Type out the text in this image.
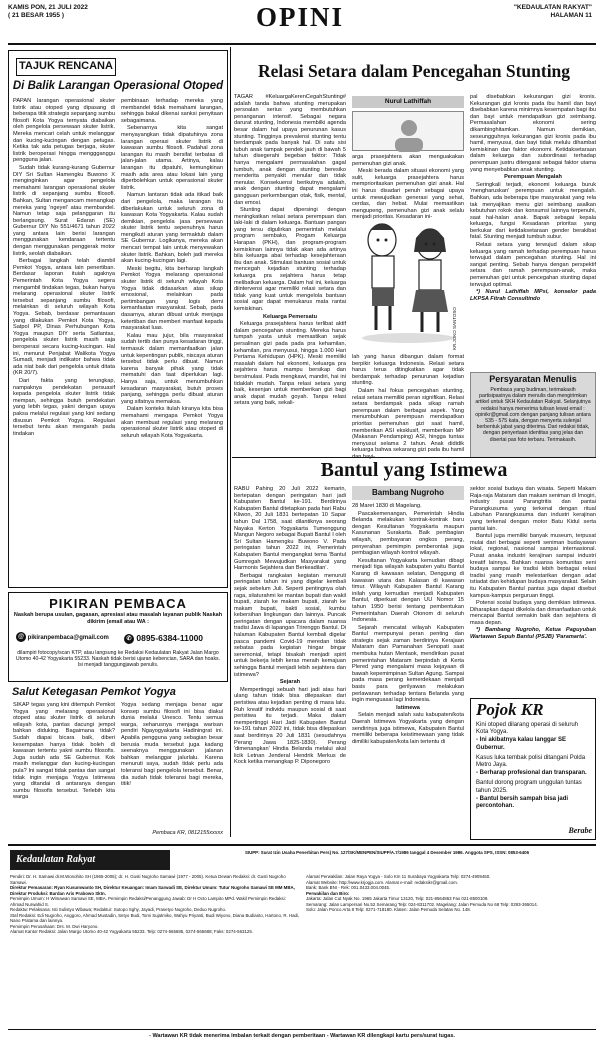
KAMIS PON, 21 JULI 2022
( 21 BESAR 1955 )	OPINI	"KEDAULATAN RAKYAT"
HALAMAN 11
TAJUK RENCANA
Di Balik Larangan Operasional Otoped

PAPAN larangan operasional skuter listrik atau otoped yang dipasang di beberapa titik strategis sepanjang sumbu filosofi Kota Yogya ternyata diabaikan oleh pengelola persewaan skuter listrik. Mereka mencari celah untuk melanggar dan kucing-kucingan dengan petugas. Ketika tak ada petugas berjaga, skuter listrik beroperasi hingga menggganggu pengguna jalan.

Sudah tidak kurang-kurang Gubernur DIY Sri Sultan Hamengku Buwono X menginginkan agar pengelola memahami larangan operasional skuter listrik di sepanjang sumbu filosofi. Bahkan, Sultan mengancam menangkap mereka yang 'ngeyel' atau membandel. Namun tetap saja pelanggaran itu berlangsung. Surat Edaran (SE) Gubernur DIY No 551/4671 tahun 2022 yang antara lain berisi larangan menggunakan kendaraan tertentu dengan menggunakan penggerak motor listrik, seolah diabaikan.

Berbagai langkah telah diambil Pemkot Yogya, antara lain penertiban. Berdasar laporan ituiah agaknya Pemerintah Kota Yogya segera mengambil tindakan tegas, bukan hanya melarang operasional skuter listrik tersebut sepanjang sumbu filosofi, melainkan di seluruh wilayah Kota Yogya. Sebab, berdasar pemantauan yang dilakukan Pemkot Kota Yogya, Satpol PP, Dinas Perhubungan Kota Yogya maupun DIY serta Satlantas, pengelola skuter listrik masih saja beroperasi secara kucing-kucingan. Hal ini, menurut Penjabat Walikota Yogya Sumadi, menjadi indikator bahwa tidak ada niat baik dari pengelola untuk ditata (KR 20/7).

Dari fakta yang terungkap, nampaknya pendekatan persuasif kepada pengelola skuter listrik tidak mempan, sehingga butuh pendekatan yang lebih tegas, yakni dengan upaya paksa melalui regulasi yang kini sedang disusun Pemkot Yogya. Regulasi tersebut tentu akan mengarah pada tindakan

pembinaan terhadap mereka yang membandel tidak memahami larangan, sehingga bakal dikenai sanksi penyitaan sebagaimana.

Sebenarnya kita sangat menyayangkan tidak dipatuhinya zona larangan operasi skuter listrik di kawasan sumbu filosofi. Padahal zona larangan itu masih bersifat terbatas di jalan-jalan utama. Artinya, kalau larangan itu dipatuhi, kemungkinan masih ada area atau lokasi lain yang diperbolehkan untuk operasional skuter listrik.

Namun lantaran tidak ada itikad baik dari pengelola, maka larangan itu diberlakukan untuk seluruh zona di kawasan Kota Yogyakarta. Kalau sudah demikian, pengelola jasa persewaan skuter listrik tentu sepenuhnya harus mengikuti aturan yang termaktub dalam SE Gubernur. Logikanya, mereka akan mencari tempat lain untuk menyewakan skuter listrik. Bahkan, boleh jadi mereka akan kucing-kucingan lagi.

Meski begitu, kita berharap langkah Pemkot Yogya melarang operasional skuter listrik di seluruh wilayah Kota Yogya tidak didasarkan atas sikap emosional, melainkan pada pertimbangan yang logis demi kemanfaatan masyarakat. Sebab, pada dasarnya, aturan dibuat untuk menjaga ketertiban dan memberi manfaat kepada masyarakat luas.

Kalau mau jujur, bila masyarakat sudah tertib dan punya kesadaran tinggi, termasuk dalam memanfaatkan jalan untuk kepentingan publik, niscaya aturan tersebut tidak perlu dibuat. Namun karena banyak pihak yang tidak mematuhi dan taat diperlukan lagi. Hanya saja, untuk menumbuhkan kesadaran masyarakat, butuh proses panjang, sehingga perlu dibuat aturan yang sifatnya memaksa.

Dalam konteks itulah kiranya kita bisa memahami mengapa Pemkot Yogya akan membuat regulasi yang melarang operasional skuter listrik atau otoped di seluruh wilayah Kota Yogyakarta.

PIKIRAN PEMBACA
Naskah berupa usulan, gagasan, apresiasi atau masalah layanan publik Naskah dikirim (email atau WA :
@ pikiranpembaca@gmail.com	✆ 0895-6384-11000
dilampiri fotocopy/scan KTP, atau langsung ke Redaksi Kedaulatan Rakyat Jalan Margo Utomo 40-42 Yogyakarta 55233. Naskah tidak berisi ujaran kebencian, SARA dan hoaks. Isi menjadi tanggungjawab penulis.
Salut Ketegasan Pemkot Yogya
SIKAP tegas yang kini ditempuh Pemkot Yogya yang melarang operasional otoped atau skuter listrik di seluruh wilayah kota, pantas dacungi jempol bahkan diduking. Bagaimana tidak? Sudah diapai bicara baik, diberi kesempatan hanya tidak boleh di kawasan tertentu yakni sumbu filosofis. Juga sudah ada SE Gubernur. Kok masih melanggar dan kucing-kucingan pula? Ini sangat tidak pantas dan sangat tidak ingin menjaga Yogya Istimewa yang ditandai di antaranya dengan sumbu filosofis tersebut. Terlebih kita warga
Yogya sedang menjaga benar agar konsep sumbu filosofi ini bisa diakui dunia melalui Unesco. Tentu semua warga, seharusnya menjaga warisan pendiri Ngayogyakarta Hadiningrat ini. Apabila pengguna yang sebagian besar berusia muda tersebut juga kadang seenaknya menggunakan jalanan bahkan melanggar jalurlalu. Karena menuruti saya, sudah tidak perlu ada toleransi bagi pengelola tersebut. Benar, dia sudah tidak toleransi bagi mereka, titik!
Pembaca KR, 0812155xxxxx
Relasi Setara dalam Pencegahan Stunting

TAGAR #KeluargaKerenCegahStunting# adalah tanda bahwa stunting merupakan persoalan serius yang membutuhkan penanganan intensif. Sebagai negara darurat stunting, Indonesia membilki agenda besar dalam hal upaya penurunan kasus stunting. Tingginya prevalensi stunting tentu berdampak pada banyak hal. Di satu sisi tubuh anak tampak pendek jauh di bawah 5 tahun disegerahi begeban faktor: Tidak hanya mengalami permasalahan gagal tumbuh, anak dengan stunting beresiko menderita penyakit menular dan tidak menular. Konsekuensi berikutnya adalah, anak dengan stunting dapat mengalami gangguan perkembangan otak, fisik, mental, dan emosi.

Stunting dapat dipersingi dengan meningkatkan relasi setara perempuan dan laki-laki di dalam keluarga. Bantuan pangan yang tersu digulirkan pemerintah melalui program sembako, Progam Keluarga Harapan (PKH), dan program-program kemiskinan lainnya tidak akan ada artinya bila keluarga abai terhadap kesejahteraan ibu dan anak. Stimulasi bantuan sosial untuk mencegah kejadian stunting terhadap keluarga pra sejahtera harus tetap melibatkan keluarga. Dalam hal ini, keluarga diintervensi agar memiliki relasi setara dan tidak yang kuat untuk mengelola bantuan sosial agar dapat menukarus mata rantai kemiskinan.

Keluarga Pemersatu

Keluarga prasejahtera harus terlibat aktif dalam pencegahan stunting. Mereka harus tumpah yasta untuk memastikan sejak persalinan gizi pada pada pra kehamilan, kehamilan, pra menyusui, hingga 1.000 Hari Pertama Kehidupan (HPK). Meski memiliki masalah dalam hal ekonomi, keluarga pra sejahtera harus mampu bersikap dan bersimulasi. Pada mengkawi, mandiri, hai ini tidaklah mudah. Tanpa relasi setara yang baik, kesenjan untuk memberikan gizi bagi anak dapat mudah goyah. Tanpa relasi setara yang baik, sekali-

Nurul Lathiffah

arga prasejahtera akan menguakakan pemenuhan gizi anak.

Meski berada dalam situasi ekonomi yang sulit, keluarga prasejahtera harus memprioritaskan pemenuhan gizi anak. Hal ini harus disadari penuh sebagai upaya untuk mewujudkan generasi yang sehat, cerdas, dan hebat. Mulai memastikan mengupeng, pemenuhan gizi anak selalu menjadi prioritas. Kesadaran ini-

KR.JOKO SANTOSO

lah yang harus dibangun dalam format berpikir keluarga Indonesia. Relasi setara harus terus ditingkatkan agar tidak berdampak terhadap penurunan kejadian stunting.

Dalam hal fokus pencegahan stunting, relasi setara memiliki peran signifikan. Relasi setara berdampak pada sikap ramah perempuan dalam berbagai aspek. Yang menumbuhkan perempuan mendapatkan prioritas pemenuhan gizi saat hamil, memberikan ASI eksklusif, memberikan MP (Makanan Pendamping) ASI, hingga tuntas menyusui selama 2 tahun. Anak dididik keluarga bahwa sekarang gizi pada ibu hamil

pal disebabkan kekurangan gizi kronis. Kekurangan gizi kronis pada ibu hamil dan bayi disebabkan karena minimnya kesempatan bagi ibu dan bayi untuk mendapatkan gizi seimbang. Permasalahan ekonomi sering dikambinghitamkan. Namun demikian, seseungguhnya kekurangan gizi kronis pada ibu hamil, menyusui, dan bayi tidak melulu dihambat kemiskinan dan faktor ekonomi. Ketidaksetaraan dalam keluarga dan subordinasi terhadap perempuan justru ditengarai sebagai faktor utama yang menyebabkan anak stunting.

Perempuan Mengalah

Seringkali terjadi, ekonomi keluarga buruk 'mengharuskan' perempuan untuk mengalah. Bahkan, ada beberapa tipe masyarakat yang rela tak menyajikan menu gizi seimbang asalkan kebutuhan rokok dan konsumsi lainnya terpenuhi, saat hal-halan anak. Bapak sebagai kepala keluarga, fungsi Kesadaran prioritas yang berkukar dari ketidaksetaraan gender berakibat fatal. Stunting menjadi tumbuh subur.

Relasi setara yang terwujud dalam sikap keluarga yang ramah terhadap perempuan harus terwujud dalam pencegahan stunting. Hal ini sangat penting. Sebab hanya dengan perspektif setara dan ramah perempuan-anak, maka pemenuhan gizi untuk pencegahan stunting dapat terwujud optimal.

*) Nurul Lathiffah MPsi, konselor pada LKPSA Fitrah Consultindo

Persyaratan Menulis
Pembaca yang budiman, terimakasih partisipasinya dalam menulis dan mengirimkan artikel untuk SKH Kedaulatan Rakyat. Selanjutnya redaksi hanya menerima tulisan lewat email : opinikr@gmail.com dengan panjang tulisan antara 535 - 575 kata, dengan menyerta sulenjal berbentuk jabat yang diterima. Dari redaksi tidak, dengan penyertaan identitas yang jelas dan disertai pas foto terbaru. Terimakasih.
Bantul yang Istimewa
Bambang Nugroho

RABU Pahing 20 Juli 2022 kemarin, bertepatan dengan peringatan hari jadi Kabupaten Bantul ke-191. Berdirinya Kabupaten Bantul ditetapkan pada hari Rabu Kliwon, 20 Juli 1831 bertepatan 10 Sapar tahun Dal 1758, saat dilantiknya seorang Nayaka Kerton Yogyakarta Tumenggung Mangun Negoro sebagai Bupati Bantul I oleh Sri Sultan Hamengku Buwono V. Pada peringatan tahun 2022 ini, Pemerintah Kabupaten Bantul mengangkat tema 'Bantul Gumregah Mewujudkan Masyarakat yang Harmonis Sejahtera dan Berkeadilan'.

Berbagai rangkaian kegiatan menuruti peringatan tahun ini yang digelar kembali sejak sebelum Juli. Seperti pentingnya olah raga, silaturahmi ke mantan bupati dan wakil bupati, ziarah ke makam bupati, ziarah ke makam bupati, bakti sosial, kumbu kebersihan lingkungan dan lainnya. Puncak peringatan dengan upacara dalam nuansa tradisi Jawa di lapangan Trirenggo Bantul. Di halaman Kabupaten Bantul kembali digelar pasca pandemi Covid-19 meredan tidak sebatas pada kegiatan hingar bingar seremonial, tetapi bisakah menjadi spirit untuk bekerja lebih keras meraih kemajuan sehingga Bantul menjadi lebih sejahtera dan istimewa?

Sejarah

Mempertinggi sebuah hari jadi atau hari ulang tahun tidak bisa dilepaskan dari peristiwa atau kejadian penting di masa lalu. Ruh kreatif individu maupun sosial di saat peristiwa itu terjadi. Maka dalam mempertinggi Hari Jadi Kabupaten Bantul ke-191 tahun 2022 ini, tidak bisa dilepaskan saat berdirinya 20 Juli 1831 (sesudahnya Perang Jawa 1825-1830). Perang 'dimenangkan' Hindia Belanda melalui akal licik Letnan Jenderal Hendrik Merkus de Kock ketika menangkap P. Diponegoro

28 Maret 1830 di Magelang.

Pascakemenangan, Pemerintah Hindia Belanda melakukan kontrak-kontrak baru dengan Kesultanan Yogyakarta maupun Kasunanan Surakarta. Baik pembagian wilayah, pembayaran ongkos perang, penyerahan pemimpin pemberontak juga pembagian wilayah kontrol wilayah.

Kesultanan Yogyakarta kemudian dibagi menjadi tiga wilayah kabupaten yaitu Bantul Karang di kawasan selatan, Denggung di kawasan utara dan Kalasan di kawasan timur. Wilayah Kabupaten Bantul Karang inilah yang kemudian menjadi Kabupaten Bantul, diperkuat dengan UU Nomor 15 tahun 1950 berisi tentang pembentukan Pemerintahan Daerah Otonom di seluruh Indonesia.

Sejarah mencatat wilayah Kabupaten Bantul mempunyai peran penting dan strategis sejak zaman berdirinya Kerajaan Mataram dan Pamanahan Senopati saat membuka hutan Mentaok, mendirikan pusat pemerintahan Mataram berpindah di Kerta Plered yang mengalami masa kejayaan di bawah kepemimpinan Sultan Agung. Sampai pada masa perang kemerdekaan menjadi basis para gerilyawan melakukan perlawanan terhadap tentara Belanda yang ingin menguasai lagi Indonesia.

Istimewa

Selain menjadi salah satu kabupaten/kota Daerah Istimewa Yogyakarta yang dengan sendirinya juga istimewa, Kabupaten Bantul memiliki beberapa keistimewaan yang tidak dimiliki kabupaten/kota lain tertentu di

sektor sosial budaya dan wisata. Seperti Makam Raja-raja Mataram dan makam seniman di Imogiri, industry pusat Parangtritis dan pantai Parangkusuma yang terkenal dengan ritual Labuhan Parangkusuma dan industri kerajinan yang terkenal dengan motor Batu Kidul serta pantai lain.

Bantul juga memiliki banyak museum, terpusat mulai dari berbagai seperti seniman budayawan lokal, regional, nasional sampai internasional. Pusat anaka industri kerajinan sampai industri kreatif lainnya. Bahkan nuansa komunitas seni budaya sampai ke tradisi lebih berbagai relasi tradisi yang masih melestarikan dengan adat istiadat dan kehidupan budaya masyarakat. Selain itu Kabupaten Bantul pantas juga dapat disebut kampus-kampus perguruan tinggi.

Potensi sosial budaya yang demikian istimewa. Diharapkan dapat dikelola dan dimanfaatkan untuk mencapai Bantul semakin baik dan sejahtera di masa depan.

*) Bambang Nugroho, Ketua Paguyuban Wartawan Sepuh Bantul (PSJB) 'Paramarta'.

Pojok KR
Kini otoped dilarang operasi di seluruh Kota Yogya.
- Ini akibatnya kalau langgar SE Gubernur.
Kasus luka tembak polisi ditangani Polda Metro Jaya.
- Berharap profesional dan transparan.
Bantul dorong program unggulan tuntas tahun 2025.
- Bantul bersih sampah bisa jadi percontohan.
Berabe
Kedaulatan Rakyat
SIUPP: Surat Izin Usaha Penerbitan Pers) No. 127/SK/MENPEN/SIUPP/A.7/1986 tanggal 4 Desember 1986. Anggota SPS, ISSN: 0853-6406
Pendiri: Dr. H. Samawi dr.M.Wonohito SH (1965-2006); dr. H. Gusti Nugroho Samawi (1977 - 2005). Ketua Dewan Redaksi: dr. Gusti Nugroho Samawi.
Direktur Pemasaran: Ryan Kusumwanto SH, Direktur Keuangan: Imam Sarwadi SE, Direktur Umum: Tutur Nugroho Samawi SE MM MBA, Direktur Produksi: Bardan Aris Prabowo Sktn.
Pemimpin Umum: H Wimawan Samawi SE, MBA. Pemimpin Redaksi/Penanggung Jawab: Dr H Octo Lampito MPd. Wakil Pemimpin Redaksi: Ahmad Nurwahid S.
Redaktur Pelaksana: Isti Sulistyo Wibawa; Redaktur: Sutopo Sghy, Jayadi, Prasetyo Nugroho, Deduo Nugroho.
Staf Redaksi: Edi Nugroho, Anggoro, Ahmad Mustadin, Setyo Budi, Tomi Sujatmiko, Wahyu Priyanti, Budi Wiyono, Diana Budianto, Hartono, R. Hadi, Nano Pratama dan lainnya.
Pemimpin Perusahaan: Drs. M. Dwi Haryono.
Alamat Kantor Redaksi: Jalan Margo Utomo 40-42 Yogyakarta 55233. Telp: 0274-565685, 0274-565688; Faks: 0274-563125.
Alamat Perwakilan: Jalan Raya Yogya - Solo Km 11 Surabaya Yogyakarta Telp: 0274-4909450.
Alamat Website: http://www.krjogja.com. Alamat e-mail: redaksikr@gmail.com.
Bank: Bank BNI - Rek: 001.0433.004.0045.
Perwakilan dan Biro:
Jakarta: Jalan Cut Nyak No. 1965 Jakarta Timur 13120, Telp: 021-8564863 Fax 021-8500109.
Semarang: Jalan Lampersari No.52 Semarang Telp: 024-8311702. Magelang: Jalan Pemuda No 68 Telp: 0293-365014.
Solo: Jalan Ponco Arta 8 Telp: 0271-718180. Klaten: Jalan Pemuda Selatan No. 148.
- Wartawan KR tidak menerima imbalan terkait dengan pemberitaan - Wartawan KR dilengkapi kartu pers/surat tugas.
